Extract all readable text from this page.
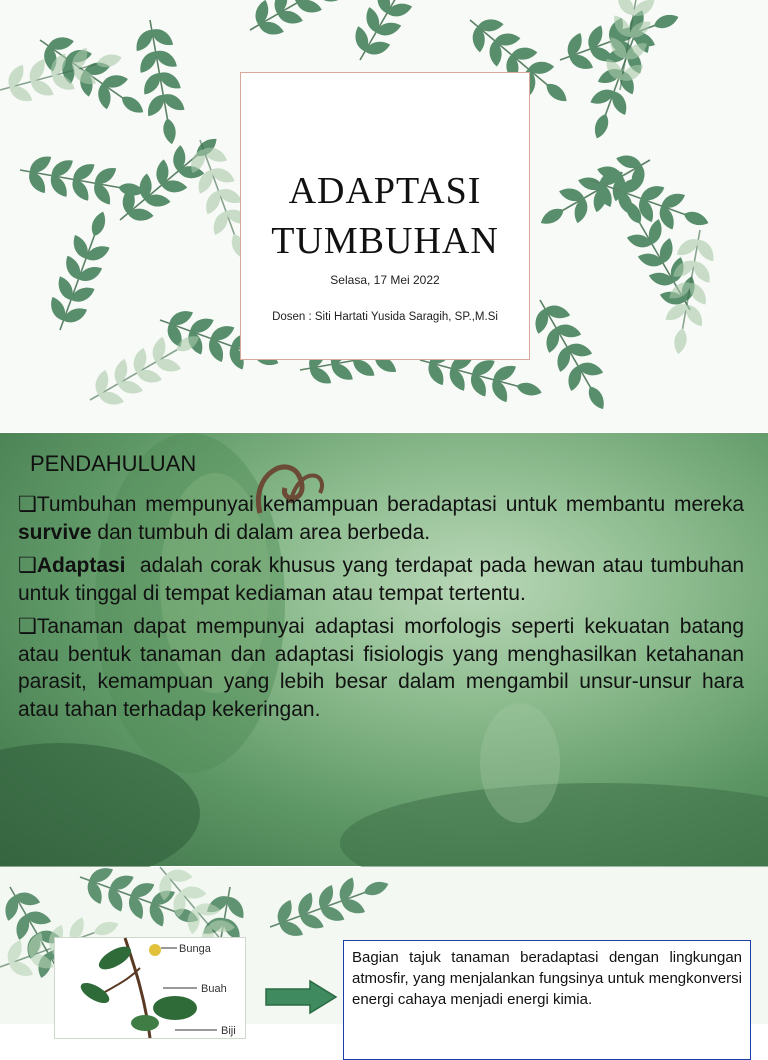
ADAPTASI
TUMBUHAN
Selasa, 17 Mei 2022
Dosen : Siti Hartati Yusida Saragih, SP.,M.Si
PENDAHULUAN

❑Tumbuhan mempunyai kemampuan beradaptasi untuk membantu mereka survive dan tumbuh di dalam area berbeda.

❑Adaptasi  adalah corak khusus yang terdapat pada hewan atau tumbuhan untuk tinggal di tempat kediaman atau tempat tertentu.

❑Tanaman dapat mempunyai adaptasi morfologis seperti kekuatan batang atau bentuk tanaman dan adaptasi fisiologis yang menghasilkan ketahanan parasit, kemampuan yang lebih besar dalam mengambil unsur-unsur hara atau tahan terhadap kekeringan.

Bunga
Buah
Biji
Bagian tajuk tanaman beradaptasi dengan lingkungan atmosfir, yang menjalankan fungsinya untuk mengkonversi energi cahaya menjadi energi kimia.
